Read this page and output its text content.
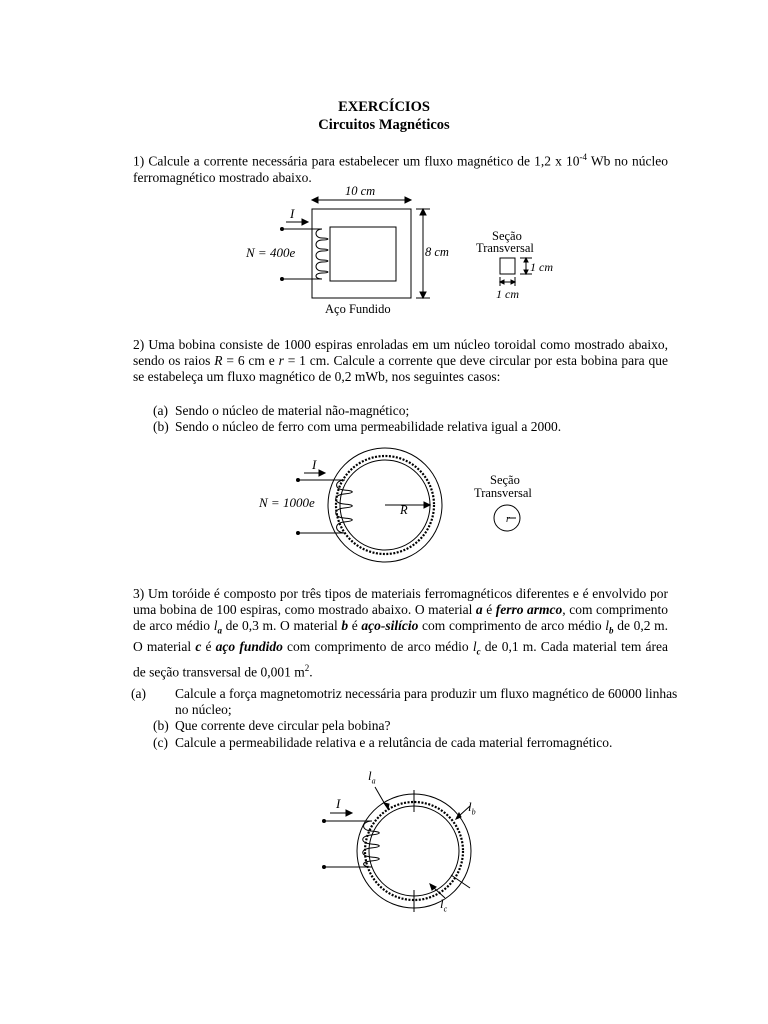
EXERCÍCIOS
Circuitos Magnéticos
1) Calcule a corrente necessária para estabelecer um fluxo magnético de 1,2 x $10^{-4}$ Wb no núcleo ferromagnético mostrado abaixo.
10 cm
I
N = 400e	8 cm
Aço Fundido
Seção
Transversal
1 cm
1 cm
2) Uma bobina consiste de 1000 espiras enroladas em um núcleo toroidal como mostrado abaixo, sendo os raios R = 6 cm e r = 1 cm. Calcule a corrente que deve circular por esta bobina para que se estabeleça um fluxo magnético de 0,2 mWb, nos seguintes casos:
(a) Sendo o núcleo de material não-magnético;
(b) Sendo o núcleo de ferro com uma permeabilidade relativa igual a 2000.
I
N = 1000e	R
Seção
Transversal
r
3) Um toróide é composto por três tipos de materiais ferromagnéticos diferentes e é envolvido por uma bobina de 100 espiras, como mostrado abaixo. O material a é ferro armco, com comprimento de arco médio $l_a$ de 0,3 m. O material b é aço-silício com comprimento de arco médio $l_b$ de 0,2 m. O material c é aço fundido com comprimento de arco médio $l_c$ de 0,1 m. Cada material tem área de seção transversal de 0,001 $m^2$.
(a) Calcule a força magnetomotriz necessária para produzir um fluxo magnético de 60000 linhas no núcleo;
(b) Que corrente deve circular pela bobina?
(c) Calcule a permeabilidade relativa e a relutância de cada material ferromagnético.
I
$l_a$
$l_b$
$l_c$
